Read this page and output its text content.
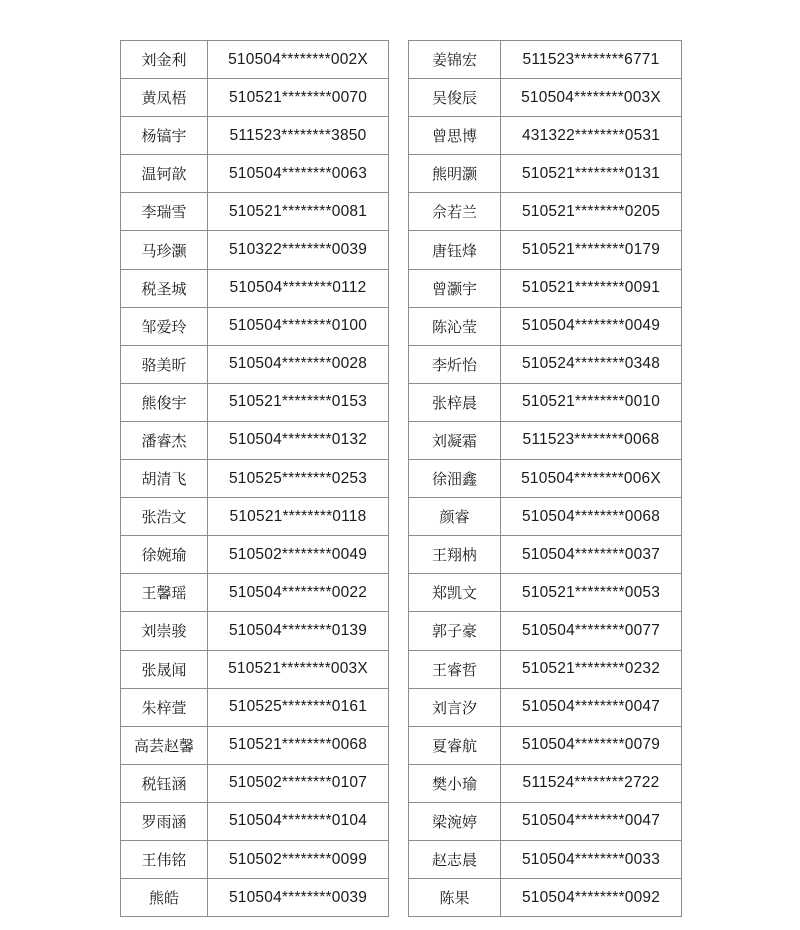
刘金利	510504********002X
黄凤梧	510521********0070
杨镐宇	511523********3850
温钶歆	510504********0063
李瑞雪	510521********0081
马珍灏	510322********0039
税圣城	510504********0112
邹爱玲	510504********0100
骆美昕	510504********0028
熊俊宇	510521********0153
潘睿杰	510504********0132
胡清飞	510525********0253
张浩文	510521********0118
徐婉瑜	510502********0049
王馨瑶	510504********0022
刘崇骏	510504********0139
张晟闻	510521********003X
朱梓萱	510525********0161
高芸赵馨	510521********0068
税钰涵	510502********0107
罗雨涵	510504********0104
王伟铭	510502********0099
熊皓	510504********0039
姜锦宏	511523********6771
吴俊辰	510504********003X
曾思博	431322********0531
熊明灏	510521********0131
佘若兰	510521********0205
唐钰烽	510521********0179
曾灏宇	510521********0091
陈沁莹	510504********0049
李炘怡	510524********0348
张梓晨	510521********0010
刘凝霜	511523********0068
徐沺鑫	510504********006X
颜睿	510504********0068
王翔枘	510504********0037
郑凯文	510521********0053
郭子豪	510504********0077
王睿哲	510521********0232
刘言汐	510504********0047
夏睿航	510504********0079
樊小瑜	511524********2722
梁涴婷	510504********0047
赵志晨	510504********0033
陈果	510504********0092
